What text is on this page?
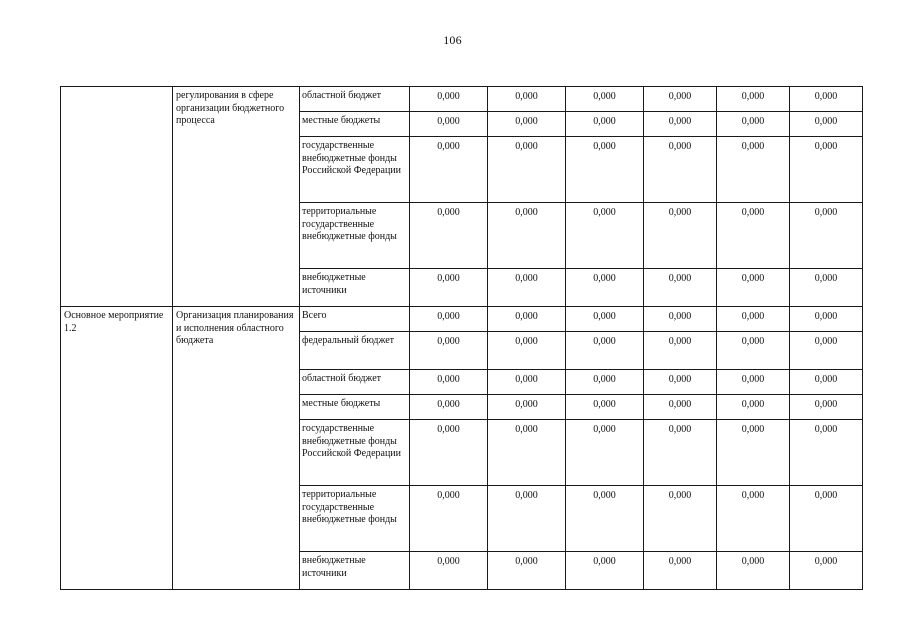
106
	регулирования в сфере организации бюджетного процесса	областной бюджет	0,000	0,000	0,000	0,000	0,000	0,000
		местные бюджеты	0,000	0,000	0,000	0,000	0,000	0,000
		государственные внебюджетные фонды Российской Федерации	0,000	0,000	0,000	0,000	0,000	0,000
		территориальные государственные внебюджетные фонды	0,000	0,000	0,000	0,000	0,000	0,000
		внебюджетные источники	0,000	0,000	0,000	0,000	0,000	0,000
Основное мероприятие 1.2	Организация планирования и исполнения областного бюджета	Всего	0,000	0,000	0,000	0,000	0,000	0,000
		федеральный бюджет	0,000	0,000	0,000	0,000	0,000	0,000
		областной бюджет	0,000	0,000	0,000	0,000	0,000	0,000
		местные бюджеты	0,000	0,000	0,000	0,000	0,000	0,000
		государственные внебюджетные фонды Российской Федерации	0,000	0,000	0,000	0,000	0,000	0,000
		территориальные государственные внебюджетные фонды	0,000	0,000	0,000	0,000	0,000	0,000
		внебюджетные источники	0,000	0,000	0,000	0,000	0,000	0,000
